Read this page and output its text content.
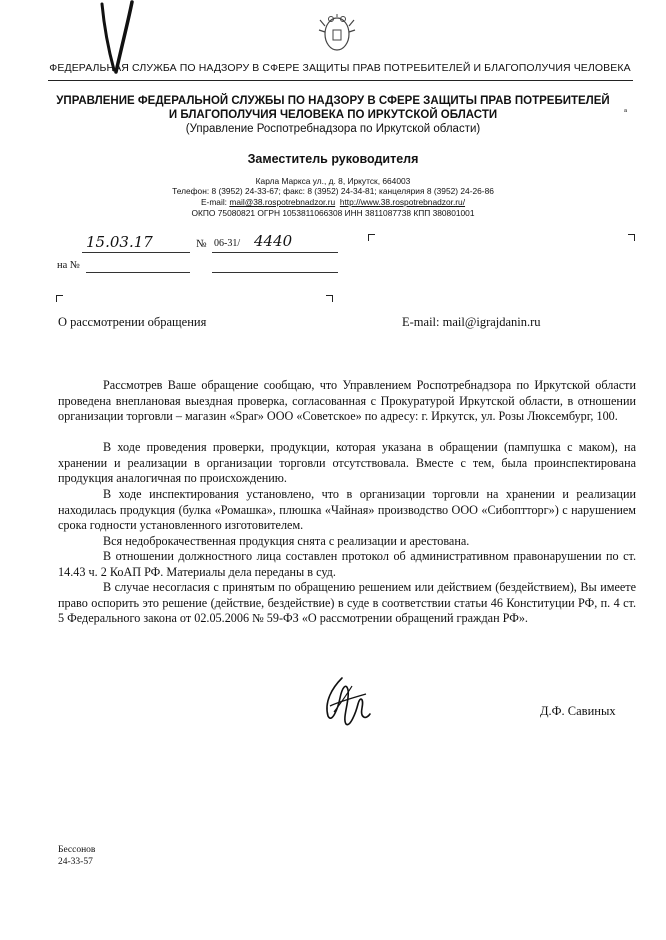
ФЕДЕРАЛЬНАЯ СЛУЖБА ПО НАДЗОРУ В СФЕРЕ ЗАЩИТЫ ПРАВ ПОТРЕБИТЕЛЕЙ И БЛАГОПОЛУЧИЯ ЧЕЛОВЕКА
УПРАВЛЕНИЕ ФЕДЕРАЛЬНОЙ СЛУЖБЫ ПО НАДЗОРУ В СФЕРЕ ЗАЩИТЫ ПРАВ ПОТРЕБИТЕЛЕЙ
И БЛАГОПОЛУЧИЯ ЧЕЛОВЕКА ПО ИРКУТСКОЙ ОБЛАСТИ
(Управление Роспотребнадзора по Иркутской области)
ᵃ
Заместитель руководителя
Карла Маркса ул., д. 8, Иркутск, 664003
Телефон: 8 (3952) 24-33-67; факс: 8 (3952) 24-34-81; канцелярия 8 (3952) 24-26-86
E-mail: mail@38.rospotrebnadzor.ru http://www.38.rospotrebnadzor.ru/
ОКПО 75080821 ОГРН 1053811066308 ИНН 3811087738 КПП 380801001
15.03.17	№ 06-31/ 4440
на №
О рассмотрении обращения	E-mail: mail@igrajdanin.ru
Рассмотрев Ваше обращение сообщаю, что Управлением Роспотребнадзора по Иркутской области проведена внеплановая выездная проверка, согласованная с Прокуратурой Иркутской области, в отношении организации торговли – магазин «Spar» ООО «Советское» по адресу: г. Иркутск, ул. Розы Люксембург, 100.
В ходе проведения проверки, продукции, которая указана в обращении (пампушка с маком), на хранении и реализации в организации торговли отсутствовала. Вместе с тем, была проинспектирована продукция аналогичная по происхождению.
В ходе инспектирования установлено, что в организации торговли на хранении и реализации находилась продукция (булка «Ромашка», плюшка «Чайная» производство ООО «Сибоптторг») с нарушением срока годности установленного изготовителем.
Вся недоброкачественная продукция снята с реализации и арестована.
В отношении должностного лица составлен протокол об административном правонарушении по ст. 14.43 ч. 2 КоАП РФ. Материалы дела переданы в суд.
В случае несогласия с принятым по обращению решением или действием (бездействием), Вы имеете право оспорить это решение (действие, бездействие) в суде в соответствии статьи 46 Конституции РФ, п. 4 ст. 5 Федерального закона от 02.05.2006 № 59-ФЗ «О рассмотрении обращений граждан РФ».
Д.Ф. Савиных
Бессонов
24-33-57
